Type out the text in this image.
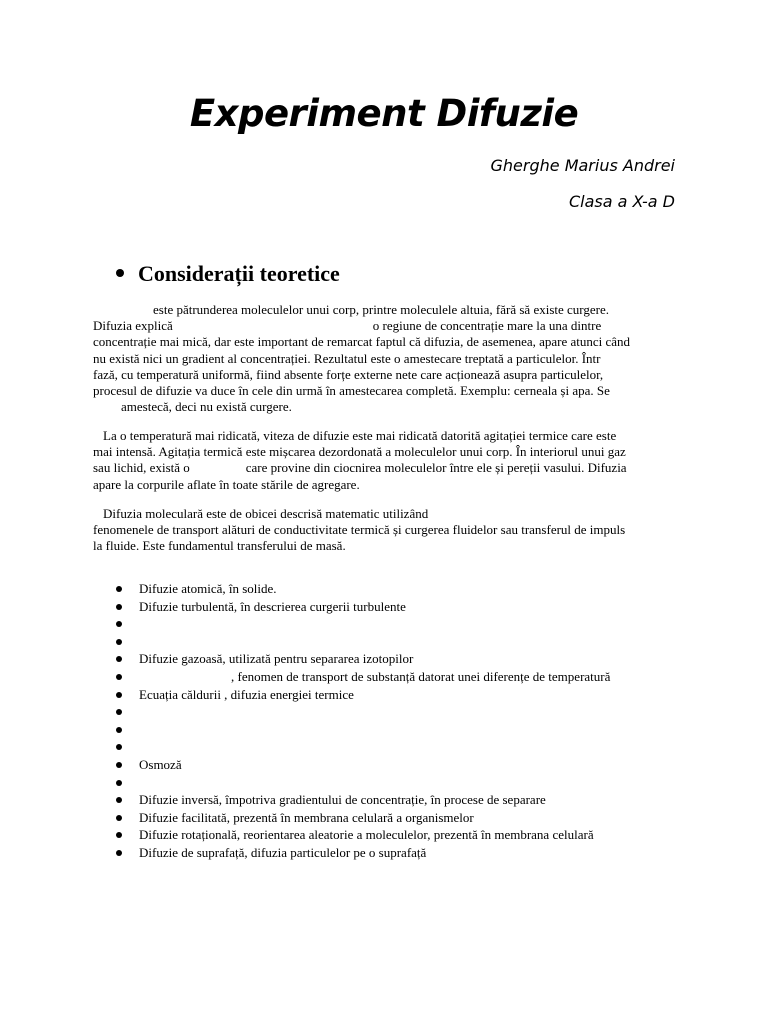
Experiment Difuzie

Gherghe Marius Andrei

Clasa a X-a D

Considerații teoretice
este pătrunderea moleculelor unui corp, printre moleculele altuia, fără să existe curgere.
Difuzia explică	o regiune de concentrație mare la una dintre
concentrație mai mică, dar este important de remarcat faptul că difuzia, de asemenea, apare atunci când
nu există nici un gradient al concentrației. Rezultatul este o amestecare treptată a particulelor. Într
fază, cu temperatură uniformă, fiind absente forțe externe nete care acționează asupra particulelor,
procesul de difuzie va duce în cele din urmă în amestecarea completă. Exemplu: cerneala și apa. Se
amestecă, deci nu există curgere.
La o temperatură mai ridicată, viteza de difuzie este mai ridicată datorită agitației termice care este
mai intensă. Agitația termică este mișcarea dezordonată a moleculelor unui corp. În interiorul unui gaz
sau lichid, există o	care provine din ciocnirea moleculelor între ele și pereții vasului. Difuzia
apare la corpurile aflate în toate stările de agregare.
Difuzia moleculară este de obicei descrisă matematic utilizând
fenomenele de transport alături de conductivitate termică și curgerea fluidelor sau transferul de impuls
la fluide. Este fundamentul transferului de masă.
Difuzie atomică, în solide.
Difuzie turbulentă, în descrierea curgerii turbulente
Difuzie gazoasă, utilizată pentru separarea izotopilor
, fenomen de transport de substanță datorat unei diferențe de temperatură
Ecuația căldurii , difuzia energiei termice
Osmoză
Difuzie inversă, împotriva gradientului de concentrație, în procese de separare
Difuzie facilitată, prezentă în membrana celulară a organismelor
Difuzie rotațională, reorientarea aleatorie a moleculelor, prezentă în membrana celulară
Difuzie de suprafață, difuzia particulelor pe o suprafață
